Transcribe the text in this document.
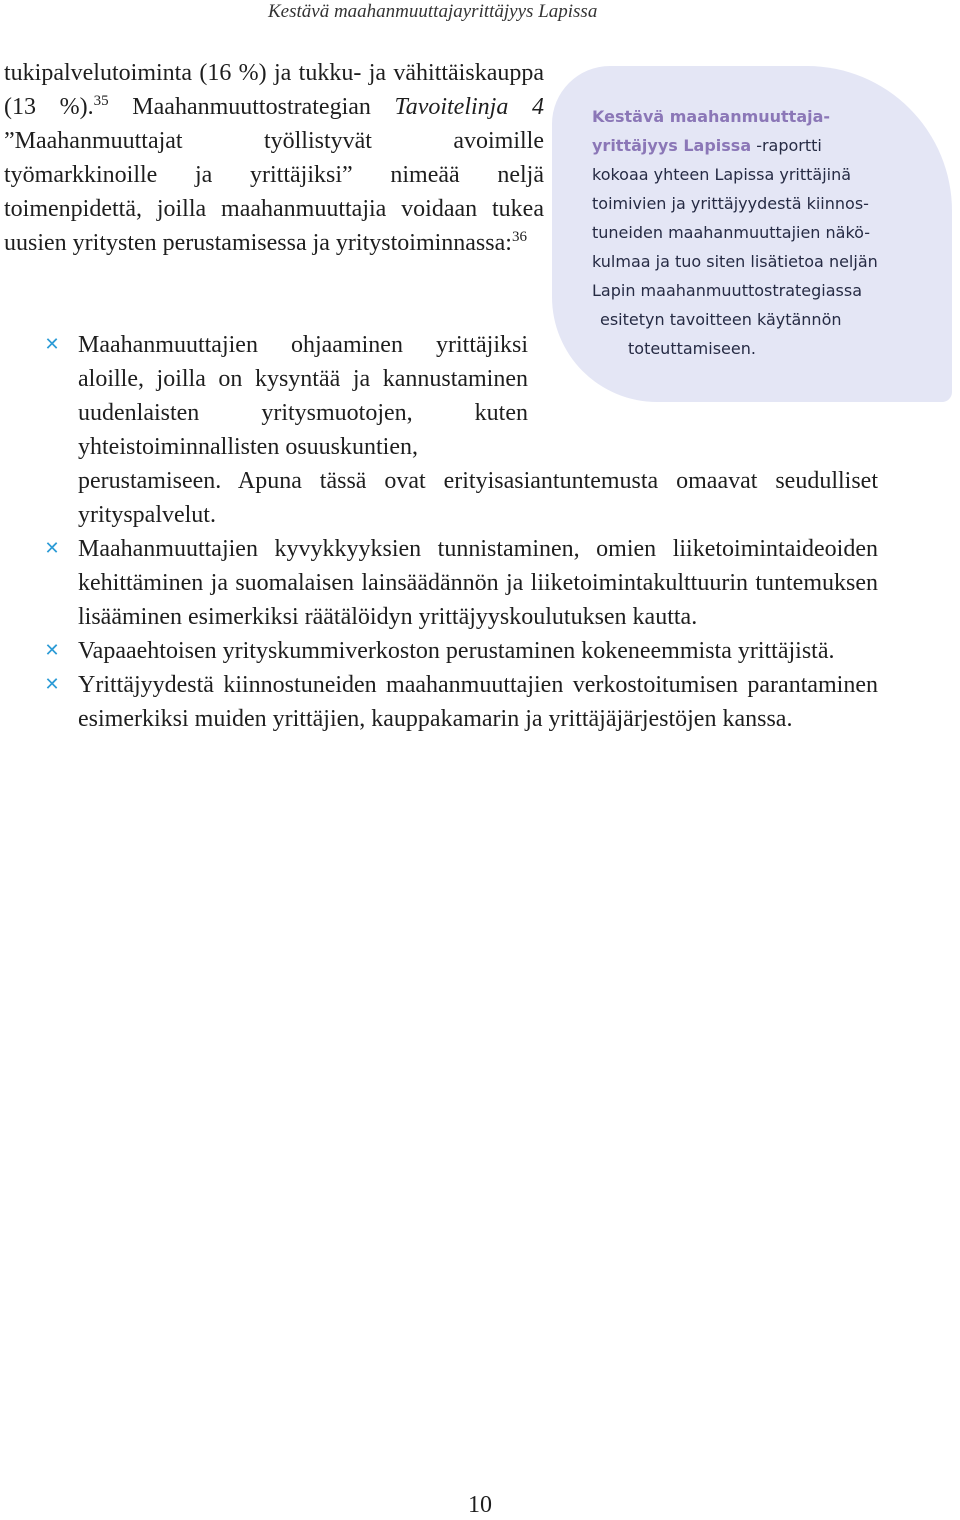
Kestävä maahanmuuttajayrittäjyys Lapissa
Kestävä maahanmuuttaja-
yrittäjyys Lapissa -raportti
kokoaa yhteen Lapissa yrittäjinä
toimivien ja yrittäjyydestä kiinnos-
tuneiden maahanmuuttajien näkö-
kulmaa ja tuo siten lisätietoa neljän
Lapin maahanmuuttostrategiassa
esitetyn tavoitteen käytännön
toteuttamiseen.

tukipalvelutoiminta (16 %) ja tukku- ja vähittäiskauppa (13 %).$^{35}$ Maahanmuuttostrategian Tavoitelinja 4 ”Maahanmuuttajat työllistyvät avoimille työmarkkinoille ja yrittäjiksi” nimeää neljä toimenpidettä, joilla maahanmuuttajia voidaan tukea uusien yritysten perustamisessa ja yritystoiminnassa:$^{36}$

✕ Maahanmuuttajien ohjaaminen yrittäjiksi aloille, joilla on kysyntää ja kannustaminen uudenlaisten yritysmuotojen, kuten yhteistoiminnallisten osuuskuntien,
perustamiseen. Apuna tässä ovat erityisasiantuntemusta omaavat seudulliset yrityspalvelut.
✕ Maahanmuuttajien kyvykkyyksien tunnistaminen, omien liiketoimintaideoiden kehittäminen ja suomalaisen lainsäädännön ja liiketoimintakulttuurin tuntemuksen lisääminen esimerkiksi räätälöidyn yrittäjyyskoulutuksen kautta.
✕ Vapaaehtoisen yrityskummiverkoston perustaminen kokeneemmista yrittäjistä.
✕ Yrittäjyydestä kiinnostuneiden maahanmuuttajien verkostoitumisen parantaminen esimerkiksi muiden yrittäjien, kauppakamarin ja yrittäjäjärjestöjen kanssa.
10
